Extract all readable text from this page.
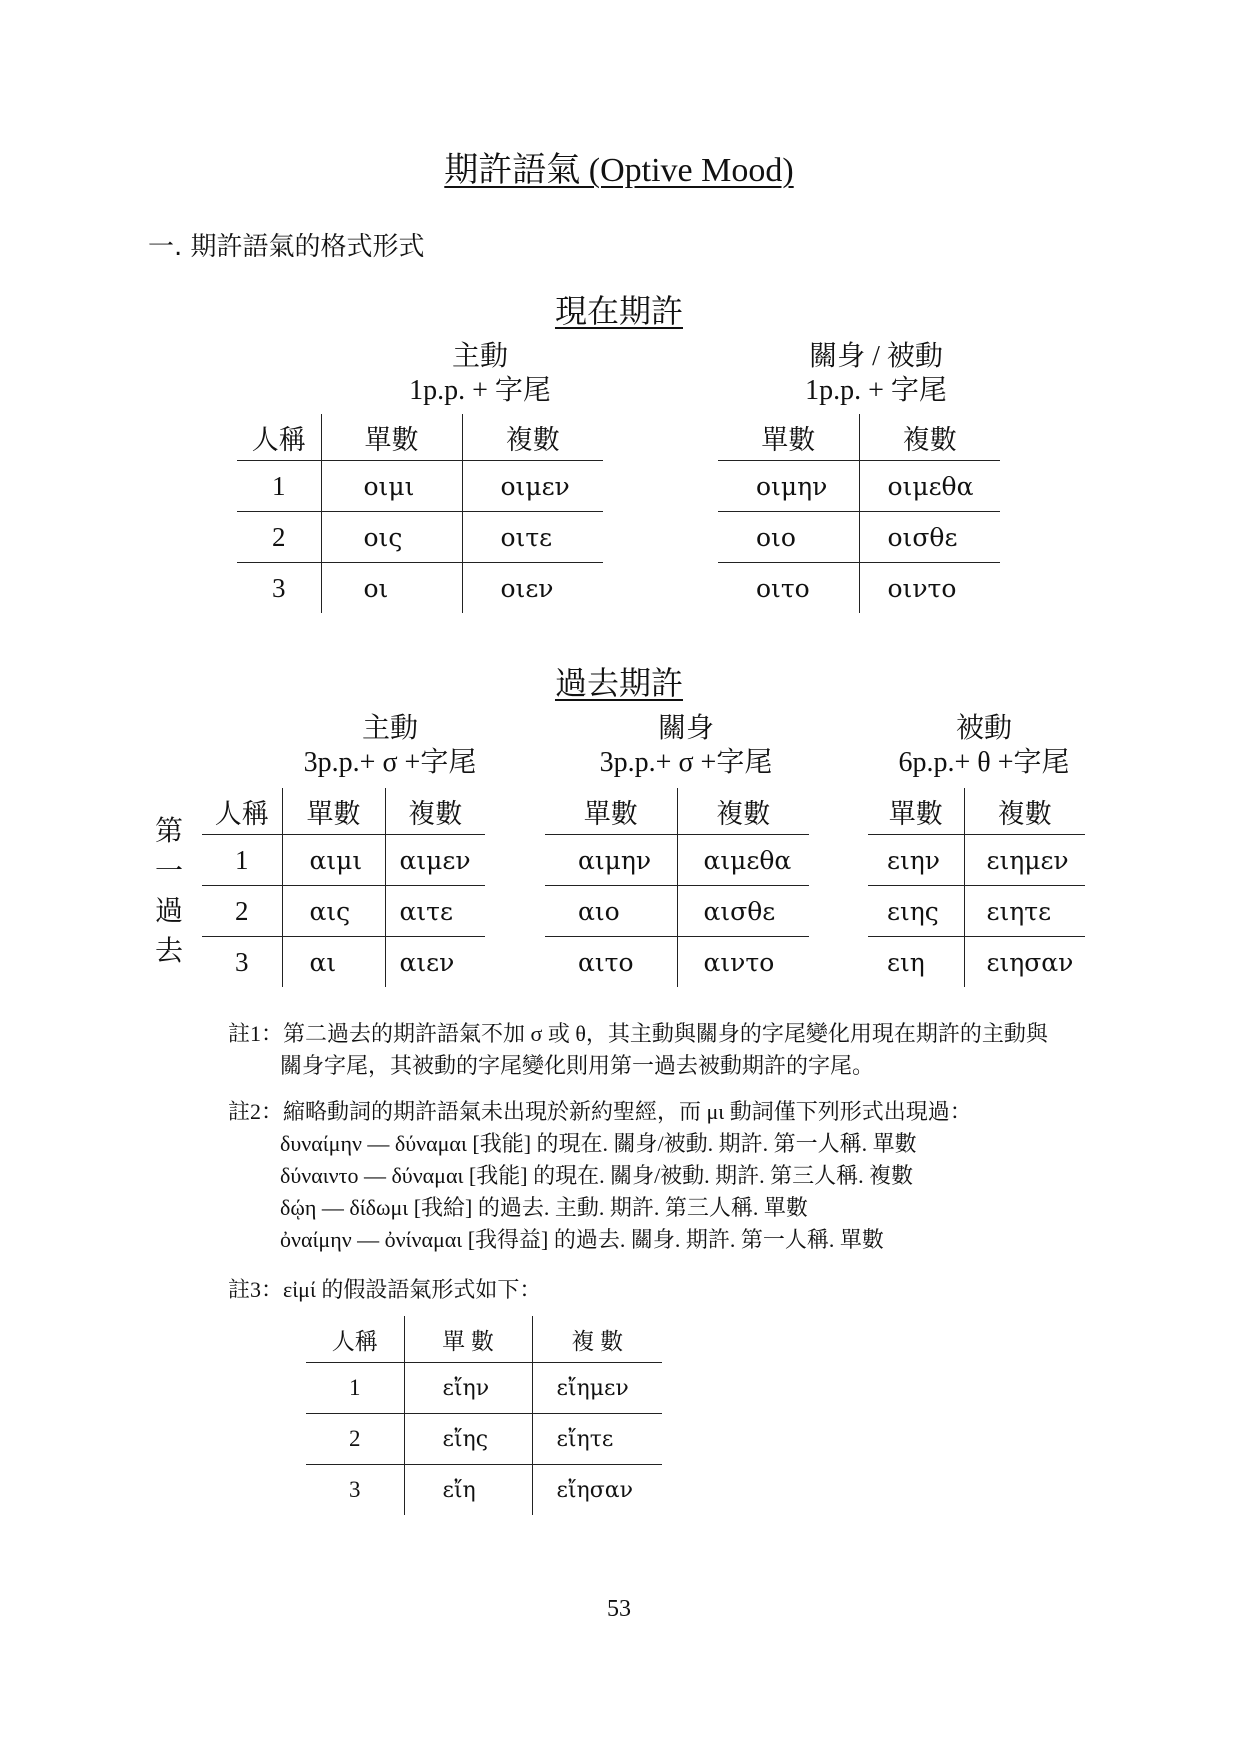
期許語氣 (Optive Mood)
一. 期許語氣的格式形式
現在期許
主動
1p.p. + 字尾
關身 / 被動
1p.p. + 字尾
人稱	單數	複數
1	οιμι	οιμεν
2	οις	οιτε
3	οι	οιεν
單數	複數
οιμην	οιμεθα
οιο	οισθε
οιτο	οιντο
過去期許
主動
3p.p.+ σ +字尾
關身
3p.p.+ σ +字尾
被動
6p.p.+ θ +字尾
第
一
過
去
人稱	單數	複數
1	αιμι	αιμεν
2	αις	αιτε
3	αι	αιεν
單數	複數
αιμην	αιμεθα
αιο	αισθε
αιτο	αιντο
單數	複數
ειην	ειημεν
ειης	ειητε
ειη	ειησαν
註1：第二過去的期許語氣不加 σ 或 θ，其主動與關身的字尾變化用現在期許的主動與
關身字尾，其被動的字尾變化則用第一過去被動期許的字尾。
註2：縮略動詞的期許語氣未出現於新約聖經，而 μι 動詞僅下列形式出現過：
δυναίμην — δύναμαι [我能] 的現在. 關身/被動. 期許. 第一人稱. 單數
δύναιντο — δύναμαι [我能] 的現在. 關身/被動. 期許. 第三人稱. 複數
δῴη — δίδωμι [我給] 的過去. 主動. 期許. 第三人稱. 單數
ὀναίμην — ὀνίναμαι [我得益] 的過去. 關身. 期許. 第一人稱. 單數
註3：εἰμί 的假設語氣形式如下：
人稱	單 數	複 數
1	εἴην	εἴημεν
2	εἴης	εἴητε
3	εἴη	εἴησαν
53
